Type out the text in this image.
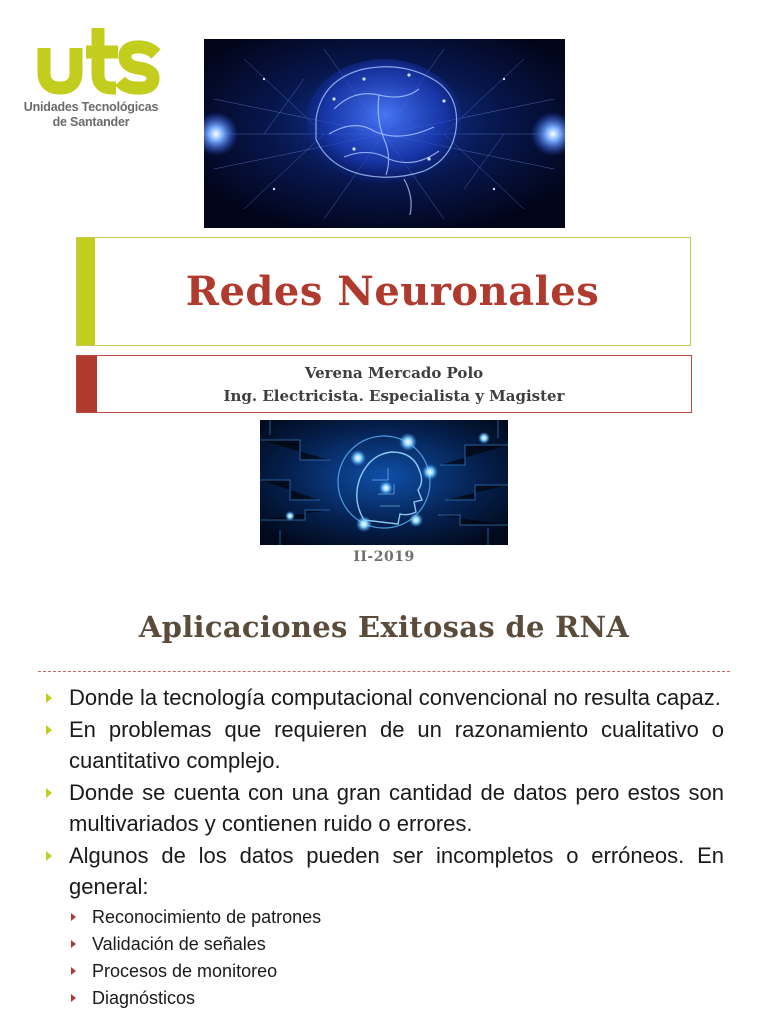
Unidades Tecnológicas
de Santander
Redes Neuronales
Verena Mercado Polo
Ing. Electricista. Especialista y Magister
II-2019
Aplicaciones Exitosas de RNA
Donde la tecnología computacional convencional no resulta capaz.
En problemas que requieren de un razonamiento cualitativo o cuantitativo complejo.
Donde se cuenta con una gran cantidad de datos pero estos son multivariados y contienen ruido o errores.
Algunos de los datos pueden ser incompletos o erróneos. En general:
Reconocimiento de patrones
Validación de señales
Procesos de monitoreo
Diagnósticos
